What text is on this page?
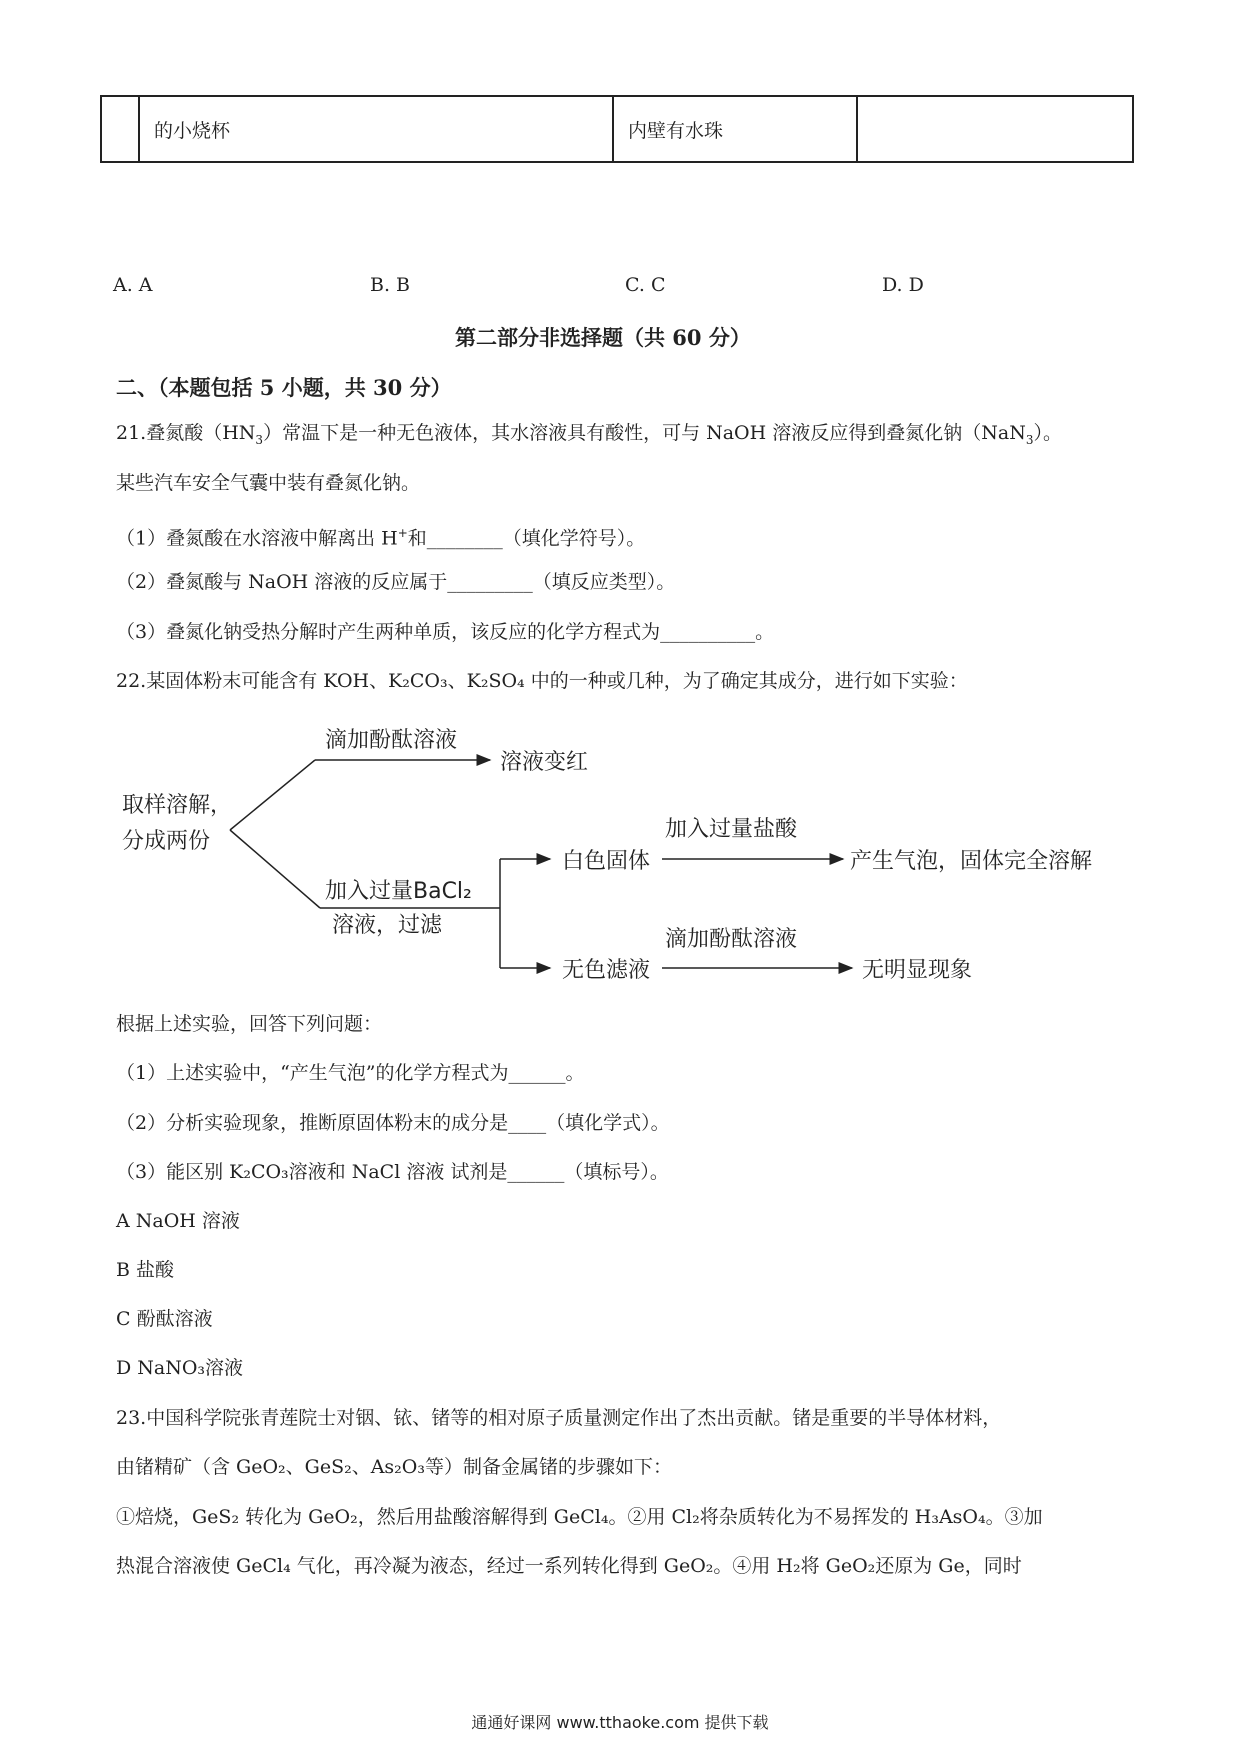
	的小烧杯	内壁有水珠	
A. A	B. B	C. C	D. D
第二部分非选择题（共 60 分）
二、（本题包括 5 小题，共 30 分）
21.叠氮酸$(HN_3)$常温下是一种无色液体，其水溶液具有酸性，可与 NaOH 溶液反应得到叠氮化钠（NaN$_3$）。
某些汽车安全气囊中装有叠氮化钠。
（1）叠氮酸在水溶液中解离出 H+和________（填化学符号）。
（2）叠氮酸与 NaOH 溶液的反应属于_________（填反应类型）。
（3）叠氮化钠受热分解时产生两种单质，该反应的化学方程式为__________。
22.某固体粉末可能含有 KOH、K₂CO₃、K₂SO₄ 中的一种或几种，为了确定其成分，进行如下实验：
取样溶解，
分成两份
滴加酚酞溶液
溶液变红
加入过量BaCl₂
溶液，过滤
白色固体
加入过量盐酸
产生气泡，固体完全溶解
无色滤液
滴加酚酞溶液
无明显现象
根据上述实验，回答下列问题：
（1）上述实验中，“产生气泡”的化学方程式为______。
（2）分析实验现象，推断原固体粉末的成分是____（填化学式）。
（3）能区别 K₂CO₃溶液和 NaCl 溶液 试剂是______（填标号）。
A NaOH 溶液
B 盐酸
C 酚酞溶液
D NaNO₃溶液
23.中国科学院张青莲院士对铟、铱、锗等的相对原子质量测定作出了杰出贡献。锗是重要的半导体材料，
由锗精矿（含 GeO₂、GeS₂、As₂O₃等）制备金属锗的步骤如下：
①焙烧，GeS₂ 转化为 GeO₂，然后用盐酸溶解得到 GeCl₄。②用 Cl₂将杂质转化为不易挥发的 H₃AsO₄。③加
热混合溶液使 GeCl₄ 气化，再冷凝为液态，经过一系列转化得到 GeO₂。④用 H₂将 GeO₂还原为 Ge，同时
通通好课网 www.tthaoke.com 提供下载
